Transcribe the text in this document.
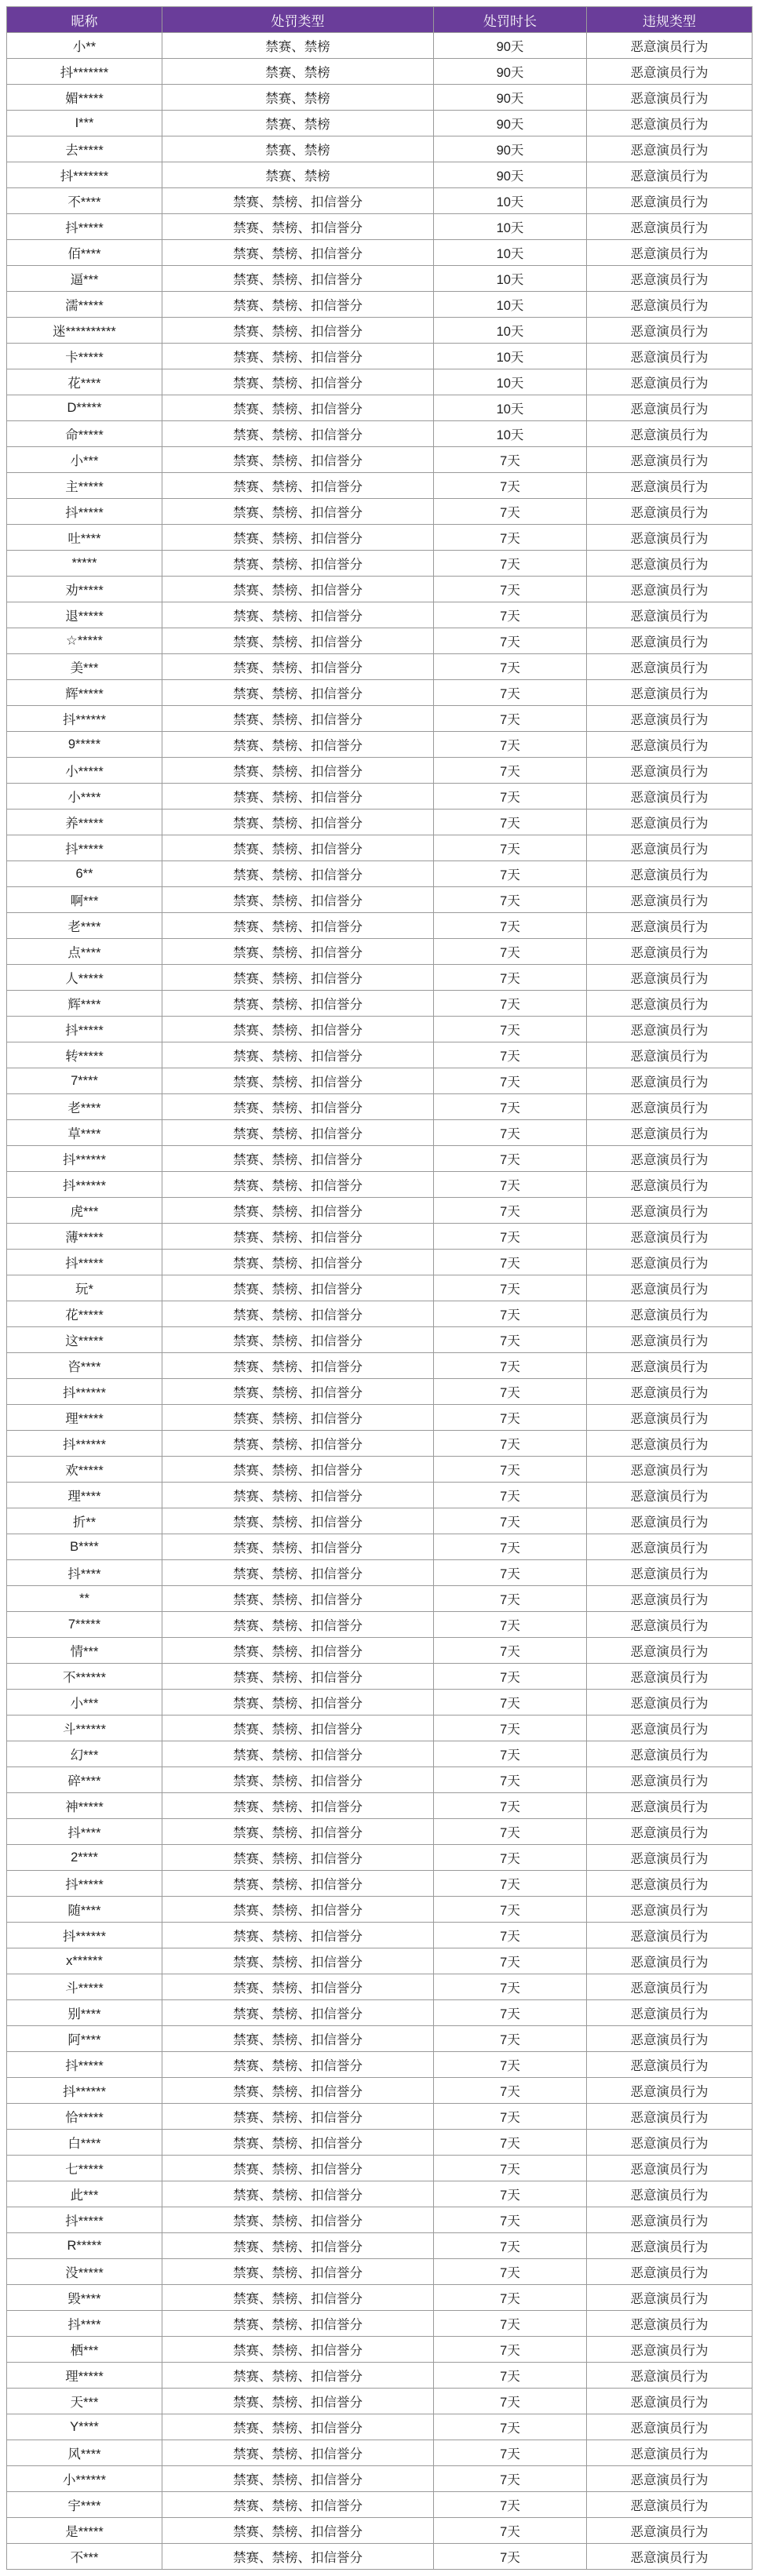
昵称	处罚类型	处罚时长	违规类型
小**	禁赛、禁榜	90天	恶意演员行为
抖*******	禁赛、禁榜	90天	恶意演员行为
媚*****	禁赛、禁榜	90天	恶意演员行为
I***	禁赛、禁榜	90天	恶意演员行为
去*****	禁赛、禁榜	90天	恶意演员行为
抖*******	禁赛、禁榜	90天	恶意演员行为
不****	禁赛、禁榜、扣信誉分	10天	恶意演员行为
抖*****	禁赛、禁榜、扣信誉分	10天	恶意演员行为
佰****	禁赛、禁榜、扣信誉分	10天	恶意演员行为
逼***	禁赛、禁榜、扣信誉分	10天	恶意演员行为
濡*****	禁赛、禁榜、扣信誉分	10天	恶意演员行为
迷**********	禁赛、禁榜、扣信誉分	10天	恶意演员行为
卡*****	禁赛、禁榜、扣信誉分	10天	恶意演员行为
花****	禁赛、禁榜、扣信誉分	10天	恶意演员行为
D*****	禁赛、禁榜、扣信誉分	10天	恶意演员行为
命*****	禁赛、禁榜、扣信誉分	10天	恶意演员行为
小***	禁赛、禁榜、扣信誉分	7天	恶意演员行为
主*****	禁赛、禁榜、扣信誉分	7天	恶意演员行为
抖*****	禁赛、禁榜、扣信誉分	7天	恶意演员行为
吐****	禁赛、禁榜、扣信誉分	7天	恶意演员行为
*****	禁赛、禁榜、扣信誉分	7天	恶意演员行为
劝*****	禁赛、禁榜、扣信誉分	7天	恶意演员行为
退*****	禁赛、禁榜、扣信誉分	7天	恶意演员行为
☆*****	禁赛、禁榜、扣信誉分	7天	恶意演员行为
美***	禁赛、禁榜、扣信誉分	7天	恶意演员行为
辉*****	禁赛、禁榜、扣信誉分	7天	恶意演员行为
抖******	禁赛、禁榜、扣信誉分	7天	恶意演员行为
9*****	禁赛、禁榜、扣信誉分	7天	恶意演员行为
小*****	禁赛、禁榜、扣信誉分	7天	恶意演员行为
小****	禁赛、禁榜、扣信誉分	7天	恶意演员行为
养*****	禁赛、禁榜、扣信誉分	7天	恶意演员行为
抖*****	禁赛、禁榜、扣信誉分	7天	恶意演员行为
6**	禁赛、禁榜、扣信誉分	7天	恶意演员行为
啊***	禁赛、禁榜、扣信誉分	7天	恶意演员行为
老****	禁赛、禁榜、扣信誉分	7天	恶意演员行为
点****	禁赛、禁榜、扣信誉分	7天	恶意演员行为
人*****	禁赛、禁榜、扣信誉分	7天	恶意演员行为
辉****	禁赛、禁榜、扣信誉分	7天	恶意演员行为
抖*****	禁赛、禁榜、扣信誉分	7天	恶意演员行为
转*****	禁赛、禁榜、扣信誉分	7天	恶意演员行为
7****	禁赛、禁榜、扣信誉分	7天	恶意演员行为
老****	禁赛、禁榜、扣信誉分	7天	恶意演员行为
草****	禁赛、禁榜、扣信誉分	7天	恶意演员行为
抖******	禁赛、禁榜、扣信誉分	7天	恶意演员行为
抖******	禁赛、禁榜、扣信誉分	7天	恶意演员行为
虎***	禁赛、禁榜、扣信誉分	7天	恶意演员行为
薄*****	禁赛、禁榜、扣信誉分	7天	恶意演员行为
抖*****	禁赛、禁榜、扣信誉分	7天	恶意演员行为
玩*	禁赛、禁榜、扣信誉分	7天	恶意演员行为
花*****	禁赛、禁榜、扣信誉分	7天	恶意演员行为
这*****	禁赛、禁榜、扣信誉分	7天	恶意演员行为
咨****	禁赛、禁榜、扣信誉分	7天	恶意演员行为
抖******	禁赛、禁榜、扣信誉分	7天	恶意演员行为
理*****	禁赛、禁榜、扣信誉分	7天	恶意演员行为
抖******	禁赛、禁榜、扣信誉分	7天	恶意演员行为
欢*****	禁赛、禁榜、扣信誉分	7天	恶意演员行为
理****	禁赛、禁榜、扣信誉分	7天	恶意演员行为
折**	禁赛、禁榜、扣信誉分	7天	恶意演员行为
B****	禁赛、禁榜、扣信誉分	7天	恶意演员行为
抖****	禁赛、禁榜、扣信誉分	7天	恶意演员行为
**	禁赛、禁榜、扣信誉分	7天	恶意演员行为
7*****	禁赛、禁榜、扣信誉分	7天	恶意演员行为
情***	禁赛、禁榜、扣信誉分	7天	恶意演员行为
不******	禁赛、禁榜、扣信誉分	7天	恶意演员行为
小***	禁赛、禁榜、扣信誉分	7天	恶意演员行为
斗******	禁赛、禁榜、扣信誉分	7天	恶意演员行为
幻***	禁赛、禁榜、扣信誉分	7天	恶意演员行为
碎****	禁赛、禁榜、扣信誉分	7天	恶意演员行为
神*****	禁赛、禁榜、扣信誉分	7天	恶意演员行为
抖****	禁赛、禁榜、扣信誉分	7天	恶意演员行为
2****	禁赛、禁榜、扣信誉分	7天	恶意演员行为
抖*****	禁赛、禁榜、扣信誉分	7天	恶意演员行为
随****	禁赛、禁榜、扣信誉分	7天	恶意演员行为
抖******	禁赛、禁榜、扣信誉分	7天	恶意演员行为
x******	禁赛、禁榜、扣信誉分	7天	恶意演员行为
斗*****	禁赛、禁榜、扣信誉分	7天	恶意演员行为
别****	禁赛、禁榜、扣信誉分	7天	恶意演员行为
阿****	禁赛、禁榜、扣信誉分	7天	恶意演员行为
抖*****	禁赛、禁榜、扣信誉分	7天	恶意演员行为
抖******	禁赛、禁榜、扣信誉分	7天	恶意演员行为
恰*****	禁赛、禁榜、扣信誉分	7天	恶意演员行为
白****	禁赛、禁榜、扣信誉分	7天	恶意演员行为
七*****	禁赛、禁榜、扣信誉分	7天	恶意演员行为
此***	禁赛、禁榜、扣信誉分	7天	恶意演员行为
抖*****	禁赛、禁榜、扣信誉分	7天	恶意演员行为
R*****	禁赛、禁榜、扣信誉分	7天	恶意演员行为
没*****	禁赛、禁榜、扣信誉分	7天	恶意演员行为
毁****	禁赛、禁榜、扣信誉分	7天	恶意演员行为
抖****	禁赛、禁榜、扣信誉分	7天	恶意演员行为
栖***	禁赛、禁榜、扣信誉分	7天	恶意演员行为
理*****	禁赛、禁榜、扣信誉分	7天	恶意演员行为
天***	禁赛、禁榜、扣信誉分	7天	恶意演员行为
Y****	禁赛、禁榜、扣信誉分	7天	恶意演员行为
风****	禁赛、禁榜、扣信誉分	7天	恶意演员行为
小******	禁赛、禁榜、扣信誉分	7天	恶意演员行为
宇****	禁赛、禁榜、扣信誉分	7天	恶意演员行为
是*****	禁赛、禁榜、扣信誉分	7天	恶意演员行为
不***	禁赛、禁榜、扣信誉分	7天	恶意演员行为
